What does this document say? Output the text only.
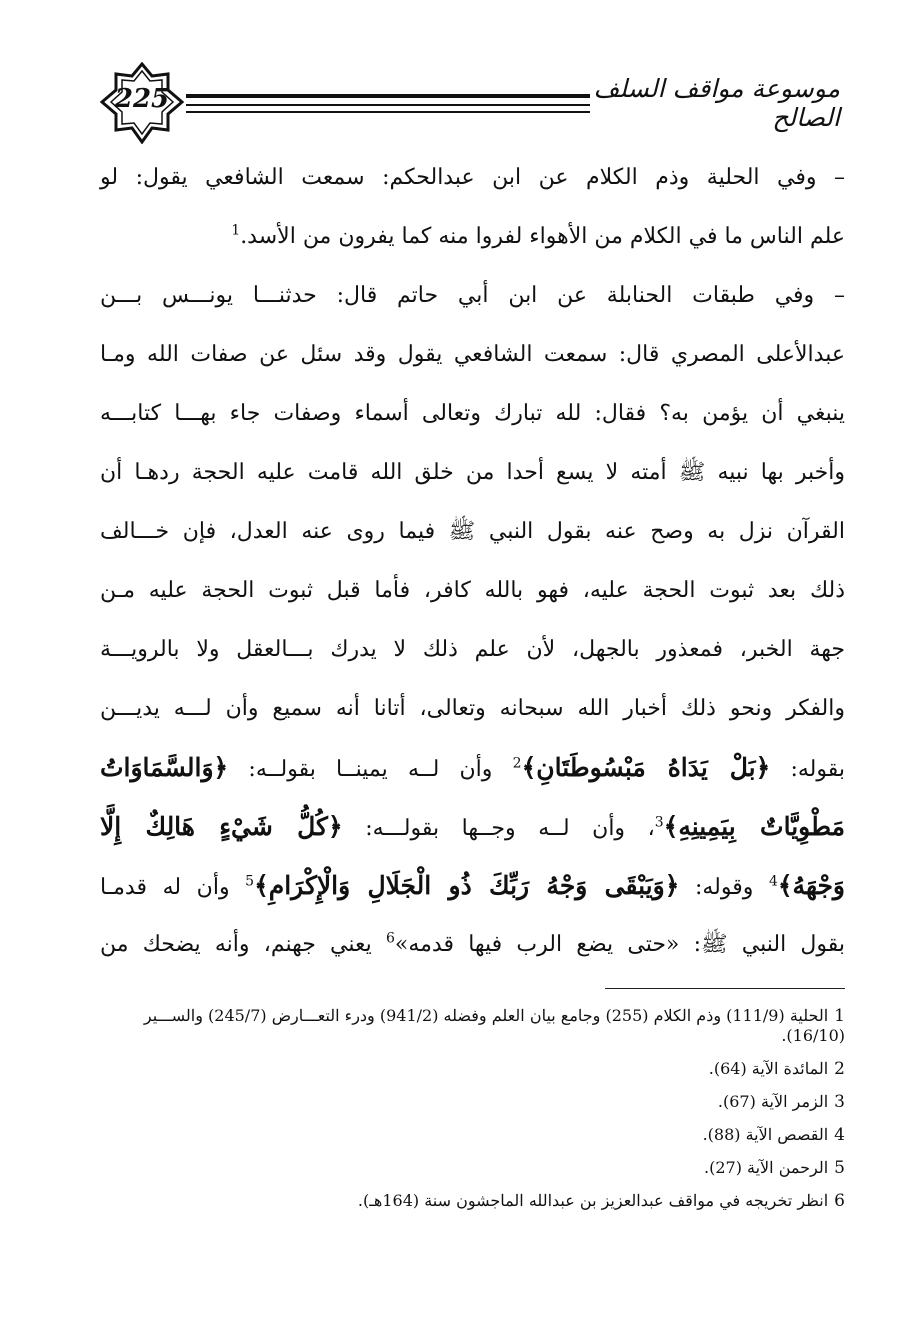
225	موسوعة مواقف السلف الصالح
– وفي الحلية وذم الكلام عن ابن عبدالحكم: سمعت الشافعي يقول: لو
علم الناس ما في الكلام من الأهواء لفروا منه كما يفرون من الأسد.$^1$
– وفي طبقات الحنابلة عن ابن أبي حاتم قال: حدثنـــا يونـــس بـــن
عبدالأعلى المصري قال: سمعت الشافعي يقول وقد سئل عن صفات الله ومـا
ينبغي أن يؤمن به؟ فقال: لله تبارك وتعالى أسماء وصفات جاء بهـــا كتابـــه
وأخبر بها نبيه ﷺ أمته لا يسع أحدا من خلق الله قامت عليه الحجة ردهـا أن
القرآن نزل به وصح عنه بقول النبي ﷺ فيما روى عنه العدل، فإن خـــالف
ذلك بعد ثبوت الحجة عليه، فهو بالله كافر، فأما قبل ثبوت الحجة عليه مـن
جهة الخبر، فمعذور بالجهل، لأن علم ذلك لا يدرك بـــالعقل ولا بالرويـــة
والفكر ونحو ذلك أخبار الله سبحانه وتعالى، أتانا أنه سميع وأن لـــه يديـــن
بقوله: ﴿بَلْ يَدَاهُ مَبْسُوطَتَانِ﴾$^2$ وأن لــه يمينــا بقولــه: ﴿وَالسَّمَاوَاتُ
مَطْوِيَّاتٌ بِيَمِينِهِ﴾$^3$، وأن لــه وجــها بقولـــه: ﴿كُلُّ شَيْءٍ هَالِكٌ إِلَّا
وَجْهَهُ﴾$^4$ وقوله: ﴿وَيَبْقَى وَجْهُ رَبِّكَ ذُو الْجَلَالِ وَالْإِكْرَامِ﴾$^5$ وأن له قدمـا
بقول النبي ﷺ: «حتى يضع الرب فيها قدمه»$^6$ يعني جهنم، وأنه يضحك من

1الحلية (111/9) وذم الكلام (255) وجامع بيان العلم وفضله (941/2) ودرء التعـــارض (245/7) والســـير
(16/10).

2المائدة الآية (64).

3الزمر الآية (67).

4القصص الآية (88).

5الرحمن الآية (27).

6انظر تخريجه في مواقف عبدالعزيز بن عبدالله الماجشون سنة (164هـ).
